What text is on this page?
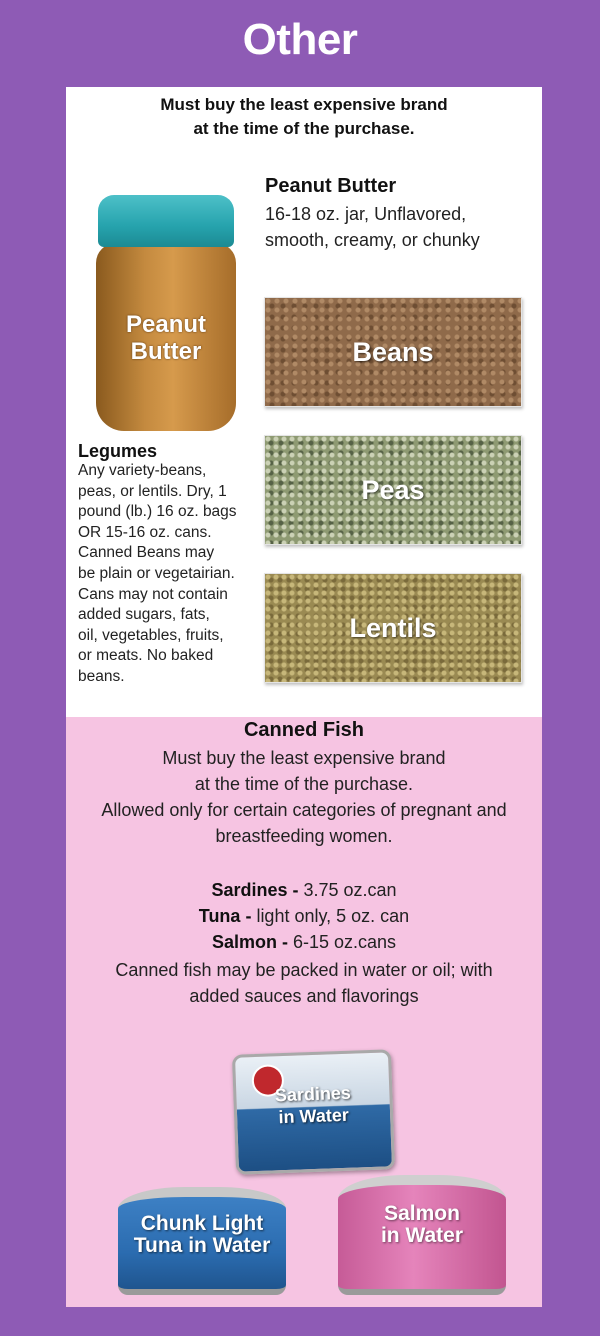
Other
Must buy the least expensive brand
at the time of the purchase.
Peanut
Butter
Peanut Butter
16-18 oz. jar, Unflavored,
smooth, creamy, or chunky
Beans
Peas
Lentils
Legumes
Any variety-beans,
peas, or lentils. Dry, 1
pound (lb.) 16 oz. bags
OR 15-16 oz. cans.
Canned Beans may
be plain or vegetairian.
Cans may not contain
added sugars, fats,
oil, vegetables, fruits,
or meats. No baked
beans.
Canned Fish
Must buy the least expensive brand
at the time of the purchase.
Allowed only for certain categories of pregnant and
breastfeeding women.
Sardines - 3.75 oz.can
Tuna - light only, 5 oz. can
Salmon - 6-15 oz.cans
Canned fish may be packed in water or oil; with
added sauces and flavorings
Sardines
in Water
Chunk Light
Tuna in Water
Salmon
in Water
